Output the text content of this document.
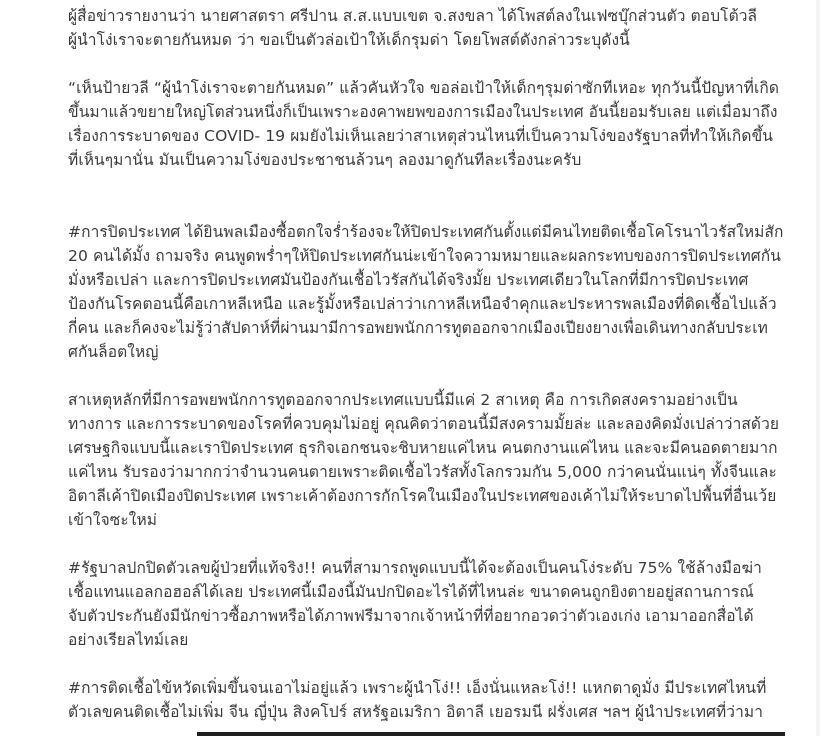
ผู้สื่อข่าวรายงานว่า นายศาสตรา ศรีปาน ส.ส.แบบเขต จ.สงขลา ได้โพสต์ลงในเฟซบุ๊กส่วนตัว ตอบโต้วลี
ผู้นำโง่เราจะตายกันหมด ว่า ขอเป็นตัวล่อเป้าให้เด็กรุมด่า โดยโพสต์ดังกล่าวระบุดังนี้

“เห็นป้ายวลี “ผู้นำโง่เราจะตายกันหมด” แล้วคันหัวใจ ขอล่อเป้าให้เด็กๆรุมด่าซักทีเหอะ ทุกวันนี้ปัญหาที่เกิด
ขึ้นมาแล้วขยายใหญ่โตส่วนหนึ่งก็เป็นเพราะองคาพยพของการเมืองในประเทศ อันนี้ยอมรับเลย แต่เมื่อมาถึง
เรื่องการระบาดของ COVID- 19 ผมยังไม่เห็นเลยว่าสาเหตุส่วนไหนที่เป็นความโง่ของรัฐบาลที่ทำให้เกิดขึ้น
ที่เห็นๆมานั่น มันเป็นความโง่ของประชาชนล้วนๆ ลองมาดูกันทีละเรื่องนะครับ

#การปิดประเทศ ได้ยินพลเมืองซื้อตกใจร่ำร้องจะให้ปิดประเทศกันตั้งแต่มีคนไทยติดเชื้อโคโรนาไวรัสใหม่สัก
20 คนได้มั้ง ถามจริง คนพูดพร่ำๆให้ปิดประเทศกันน่ะเข้าใจความหมายและผลกระทบของการปิดประเทศกัน
มั่งหรือเปล่า และการปิดประเทศมันป้องกันเชื้อไวรัสกันได้จริงมั้ย ประเทศเดียวในโลกที่มีการปิดประเทศ
ป้องกันโรคตอนนี้คือเกาหลีเหนือ และรู้มั้งหรือเปล่าว่าเกาหลีเหนือจำคุกและประหารพลเมืองที่ติดเชื้อไปแล้ว
กี่คน และก็คงจะไม่รู้ว่าสัปดาห์ที่ผ่านมามีการอพยพนักการทูตออกจากเมืองเปียงยางเพื่อเดินทางกลับประเท
ศกันล็อตใหญ่

สาเหตุหลักที่มีการอพยพนักการทูตออกจากประเทศแบบนี้มีแค่ 2 สาเหตุ คือ การเกิดสงครามอย่างเป็น
ทางการ และการระบาดของโรคที่ควบคุมไม่อยู่ คุณคิดว่าตอนนี้มีสงครามมั้ยล่ะ และลองคิดมั่งเปล่าว่าสด้วย
เศรษฐกิจแบบนี้และเราปิดประเทศ ธุรกิจเอกชนจะชิบหายแค่ไหน คนตกงานแค่ไหน และจะมีคนอดตายมาก
แค่ไหน รับรองว่ามากกว่าจำนวนคนตายเพราะติดเชื้อไวรัสทั้งโลกรวมกัน 5,000 กว่าคนนั่นแน่ๆ ทั้งจีนและ
อิตาลีเค้าปิดเมืองปิดประเทศ เพราะเค้าต้องการกักโรคในเมืองในประเทศของเค้าไม่ให้ระบาดไปพื้นที่อื่นเว้ย
เข้าใจซะใหม่

#รัฐบาลปกปิดตัวเลขผู้ป่วยที่แท้จริง!! คนที่สามารถพูดแบบนี้ได้จะต้องเป็นคนโง่ระดับ 75% ใช้ล้างมือฆ่า
เชื้อแทนแอลกอฮอล์ได้เลย ประเทศนี้เมืองนี้มันปกปิดอะไรได้ที่ไหนล่ะ ขนาดคนถูกยิงตายอยู่สถานการณ์
จับตัวประกันยังมีนักข่าวซื้อภาพหรือได้ภาพฟรีมาจากเจ้าหน้าที่ที่อยากอวดว่าตัวเองเก่ง เอามาออกสื่อได้
อย่างเรียลไทม์เลย

#การติดเชื้อไข้หวัดเพิ่มขึ้นจนเอาไม่อยู่แล้ว เพราะผู้นำโง่!! เอ็งนั่นแหละโง่!! แหกตาดูมั่ง มีประเทศไหนที่
ตัวเลขคนติดเชื้อไม่เพิ่ม จีน ญี่ปุ่น สิงคโปร์ สหรัฐอเมริกา อิตาลี เยอรมนี ฝรั่งเศส ฯลฯ ผู้นำประเทศที่ว่ามา
